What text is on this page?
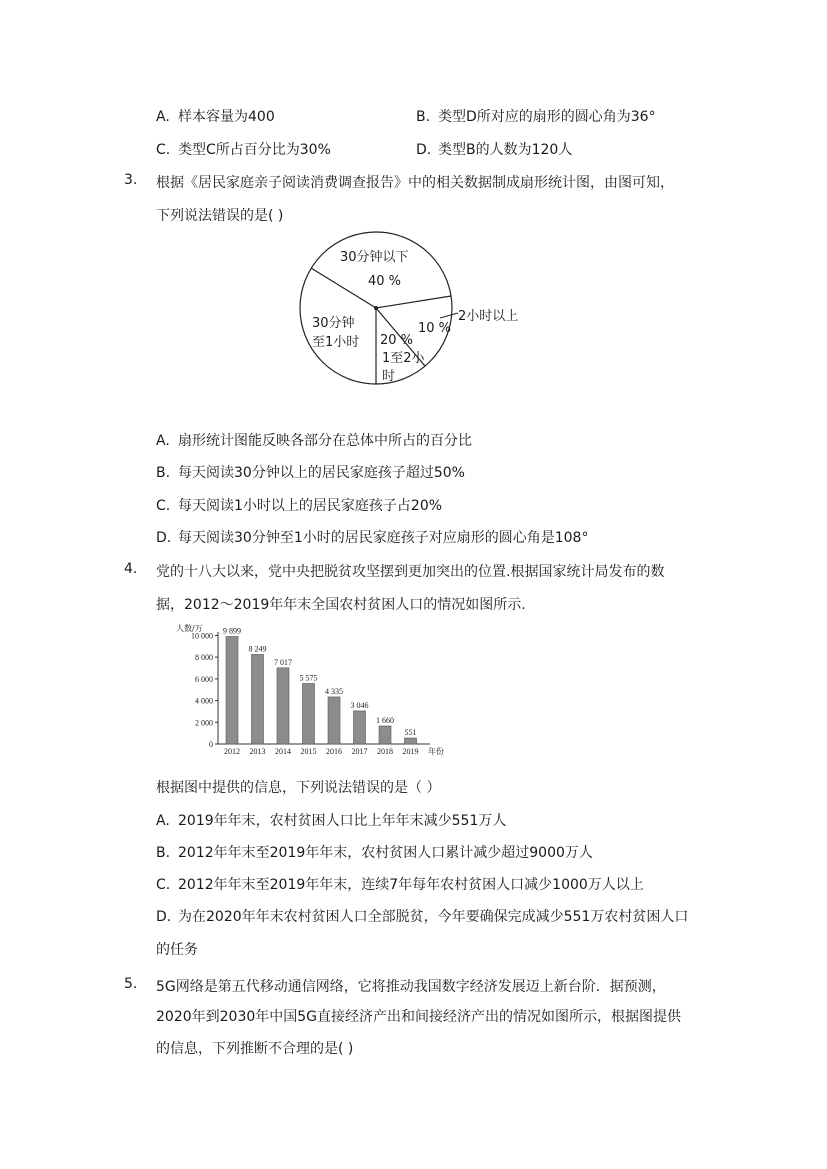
A. 样本容量为400	B. 类型D所对应的扇形的圆心角为36°
C. 类型C所占百分比为30%	D. 类型B的人数为120人
3. 根据《居民家庭亲子阅读消费调查报告》中的相关数据制成扇形统计图，由图可知，
下列说法错误的是( )
30分钟以下
40 %
30分钟
至1小时 20 %
1至2小
时
10 %
2小时以上
A. 扇形统计图能反映各部分在总体中所占的百分比
B. 每天阅读30分钟以上的居民家庭孩子超过50%
C. 每天阅读1小时以上的居民家庭孩子占20%
D. 每天阅读30分钟至1小时的居民家庭孩子对应扇形的圆心角是108°
4. 党的十八大以来，党中央把脱贫攻坚摆到更加突出的位置.根据国家统计局发布的数
据，2012～2019年年末全国农村贫困人口的情况如图所示.
人数/万
0
2 000
4 000
6 000
8 000
10 000
9 899
2012
8 249
2013
7 017
2014
5 575
2015
4 335
2016
3 046
2017
1 660
2018
551
2019 年份
根据图中提供的信息，下列说法错误的是（ ）
A. 2019年年末，农村贫困人口比上年年末减少551万人
B. 2012年年末至2019年年末，农村贫困人口累计减少超过9000万人
C. 2012年年末至2019年年末，连续7年每年农村贫困人口减少1000万人以上
D. 为在2020年年末农村贫困人口全部脱贫，今年要确保完成减少551万农村贫困人口
的任务
5. 5G网络是第五代移动通信网络，它将推动我国数字经济发展迈上新台阶．据预测，
2020年到2030年中国5G直接经济产出和间接经济产出的情况如图所示，根据图提供
的信息，下列推断不合理的是( )
